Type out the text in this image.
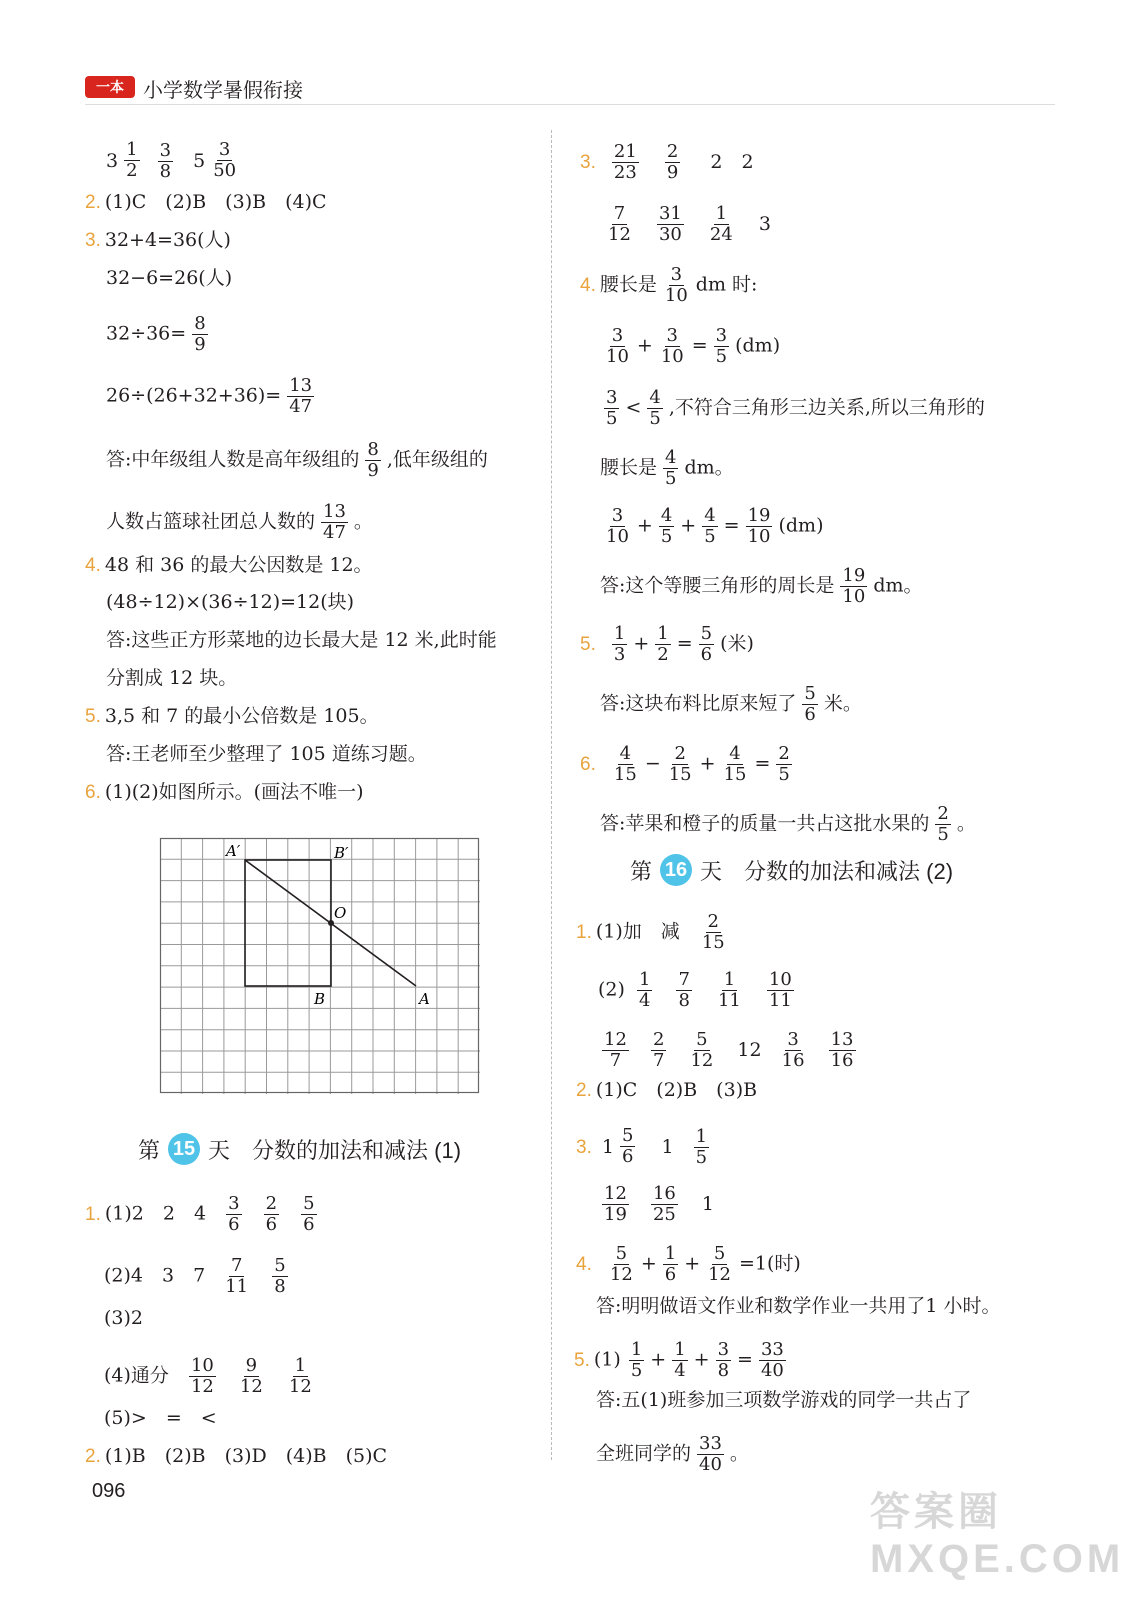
一本 小学数学暑假衔接
$3 \frac{1}{2}$
$\frac{3}{8}$
$5 \frac{3}{50}$
2. (1)C　(2)B　(3)B　(4)C
3. 32+4=36(人)
32−6=26(人)
$32\div 36= \frac{8}{9}$
$26\div(26+32+36)= \frac{13}{47}$
答:中年级组人数是高年级组的 $\frac{8}{9}$ ,低年级组的
人数占篮球社团总人数的 $\frac{13}{47}$ 。
4. 48 和 36 的最大公因数是 12。
(48÷12)×(36÷12)=12(块)
答:这些正方形菜地的边长最大是 12 米,此时能
分割成 12 块。
5. 3,5 和 7 的最小公倍数是 105。
答:王老师至少整理了 105 道练习题。
6. (1)(2)如图所示。(画法不唯一)
A′	B′
O
B	A
第 15 天 分数的加法和减法 (1)
1. (1)2　2　$4 \frac{3}{6}$
$\frac{2}{6}$
$\frac{5}{6}$
(2)4　3　$7 \frac{7}{11}$
$\frac{5}{8}$
(3)2
(4)通分 $\frac{10}{12}$
$\frac{9}{12}$
$\frac{1}{12}$
(5)>　=　<
2. (1)B　(2)B　(3)D　(4)B　(5)C
096
3. $\frac{21}{23}$
$\frac{2}{9} 2$　2
$\frac{7}{12}$
$\frac{31}{30}$
$\frac{1}{24} 3$
4. 腰长是 $\frac{3}{10}$ dm 时:
$\frac{3}{10} + \frac{3}{10} = \frac{3}{5} (dm)$
$\frac{3}{5} < \frac{4}{5}$ ,不符合三角形三边关系,所以三角形的
腰长是 $\frac{4}{5}$ dm。
$\frac{3}{10} + \frac{4}{5} + \frac{4}{5} = \frac{19}{10} (dm)$
答:这个等腰三角形的周长是 $\frac{19}{10}$ dm。
5. $\frac{1}{3} + \frac{1}{2} = \frac{5}{6}$ (米)
答:这块布料比原来短了 $\frac{5}{6}$ 米。
6. $\frac{4}{15} - \frac{2}{15} + \frac{4}{15} = \frac{2}{5}$
答:苹果和橙子的质量一共占这批水果的 $\frac{2}{5}$ 。
第 16 天 分数的加法和减法 (2)
1. (1)加　减 $\frac{2}{15}$
$(2) \frac{1}{4}$
$\frac{7}{8}$
$\frac{1}{11}$
$\frac{10}{11}$
$\frac{12}{7}$
$\frac{2}{7}$
$\frac{5}{12} 12 \frac{3}{16}$
$\frac{13}{16}$
2. (1)C　(2)B　(3)B
3. $1 \frac{5}{6} 1 \frac{1}{5}$
$\frac{12}{19}$
$\frac{16}{25} 1$
4. $\frac{5}{12} + \frac{1}{6} + \frac{5}{12} =1$(时)
答:明明做语文作业和数学作业一共用了1 小时。
5. $(1) \frac{1}{5} + \frac{1}{4} + \frac{3}{8} = \frac{33}{40}$
答:五(1)班参加三项数学游戏的同学一共占了
全班同学的 $\frac{33}{40}$ 。
答案圈 MXQE.COM
